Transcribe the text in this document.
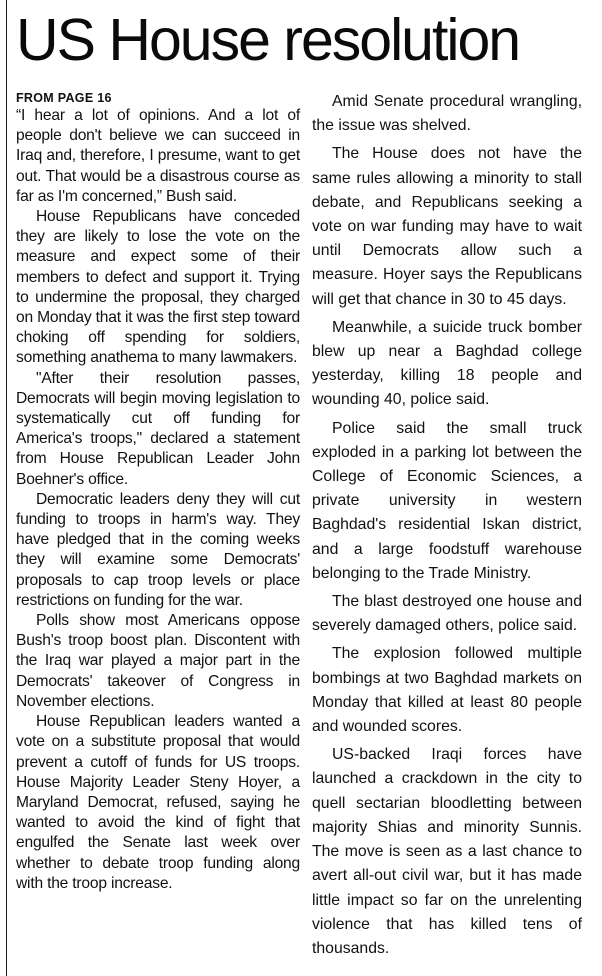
US House resolution
FROM PAGE 16

“I hear a lot of opinions. And a lot of people don't believe we can succeed in Iraq and, therefore, I presume, want to get out. That would be a disastrous course as far as I'm concerned,” Bush said.

House Republicans have conceded they are likely to lose the vote on the measure and expect some of their members to defect and support it. Trying to undermine the proposal, they charged on Monday that it was the first step toward choking off spending for soldiers, something anathema to many lawmakers.

"After their resolution passes, Democrats will begin moving legislation to systematically cut off funding for America's troops," declared a statement from House Republican Leader John Boehner's office.

Democratic leaders deny they will cut funding to troops in harm's way. They have pledged that in the coming weeks they will examine some Democrats' proposals to cap troop levels or place restrictions on funding for the war.

Polls show most Americans oppose Bush's troop boost plan. Discontent with the Iraq war played a major part in the Democrats' takeover of Congress in November elections.

House Republican leaders wanted a vote on a substitute proposal that would prevent a cutoff of funds for US troops. House Majority Leader Steny Hoyer, a Maryland Democrat, refused, saying he wanted to avoid the kind of fight that engulfed the Senate last week over whether to debate troop funding along with the troop increase.

Amid Senate procedural wrangling, the issue was shelved.

The House does not have the same rules allowing a minority to stall debate, and Republicans seeking a vote on war funding may have to wait until Democrats allow such a measure. Hoyer says the Republicans will get that chance in 30 to 45 days.

Meanwhile, a suicide truck bomber blew up near a Baghdad college yesterday, killing 18 people and wounding 40, police said.

Police said the small truck exploded in a parking lot between the College of Economic Sciences, a private university in western Baghdad's residential Iskan district, and a large foodstuff warehouse belonging to the Trade Ministry.

The blast destroyed one house and severely damaged others, police said.

The explosion followed multiple bombings at two Baghdad markets on Monday that killed at least 80 people and wounded scores.

US-backed Iraqi forces have launched a crackdown in the city to quell sectarian bloodletting between majority Shias and minority Sunnis. The move is seen as a last chance to avert all-out civil war, but it has made little impact so far on the unrelenting violence that has killed tens of thousands.
